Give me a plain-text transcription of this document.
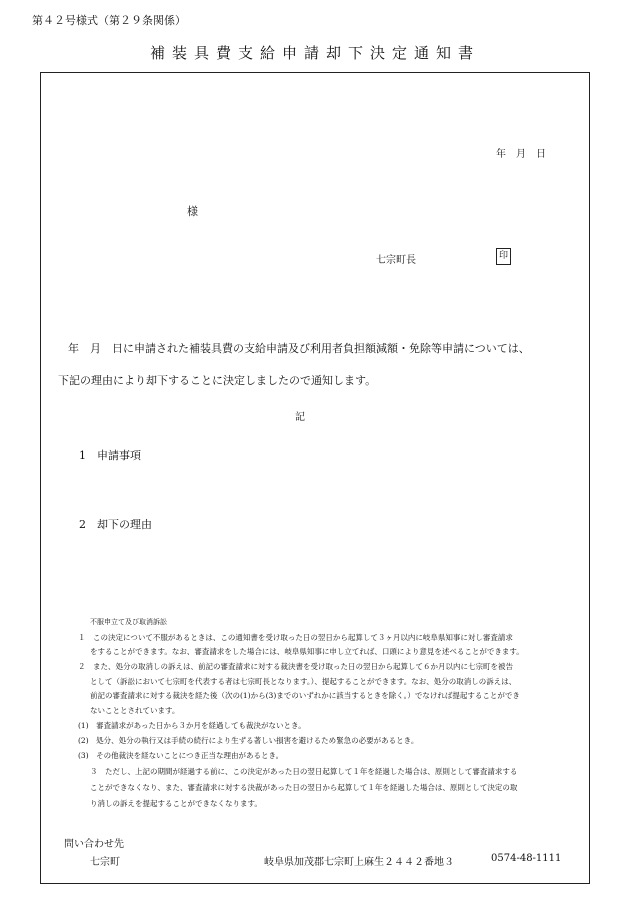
第４２号様式（第２９条関係）
補装具費支給申請却下決定通知書
年　月　日
様
七宗町長	印
年　月　日に申請された補装具費の支給申請及び利用者負担額減額・免除等申請については、
下記の理由により却下することに決定しましたので通知します。
記
1　申請事項
2　却下の理由
不服申立て及び取消訴訟
１　この決定について不服があるときは、この通知書を受け取った日の翌日から起算して３ヶ月以内に岐阜県知事に対し審査請求
をすることができます。なお、審査請求をした場合には、岐阜県知事に申し立てれば、口頭により意見を述べることができます。
２　また、処分の取消しの訴えは、前記の審査請求に対する裁決書を受け取った日の翌日から起算して６か月以内に七宗町を被告
として（訴訟において七宗町を代表する者は七宗町長となります。）、提起することができます。なお、処分の取消しの訴えは、
前記の審査請求に対する裁決を経た後（次の(1)から(3)までのいずれかに該当するときを除く。）でなければ提起することができ
ないこととされています。
(1)　審査請求があった日から３か月を経過しても裁決がないとき。
(2)　処分、処分の執行又は手続の続行により生ずる著しい損害を避けるため緊急の必要があるとき。
(3)　その他裁決を経ないことにつき正当な理由があるとき。
３　ただし、上記の期間が経過する前に、この決定があった日の翌日起算して１年を経過した場合は、原則として審査請求する
ことができなくなり、また、審査請求に対する決裁があった日の翌日から起算して１年を経過した場合は、原則として決定の取
り消しの訴えを提起することができなくなります。
問い合わせ先
七宗町	岐阜県加茂郡七宗町上麻生２４４２番地３	0574-48-1111
